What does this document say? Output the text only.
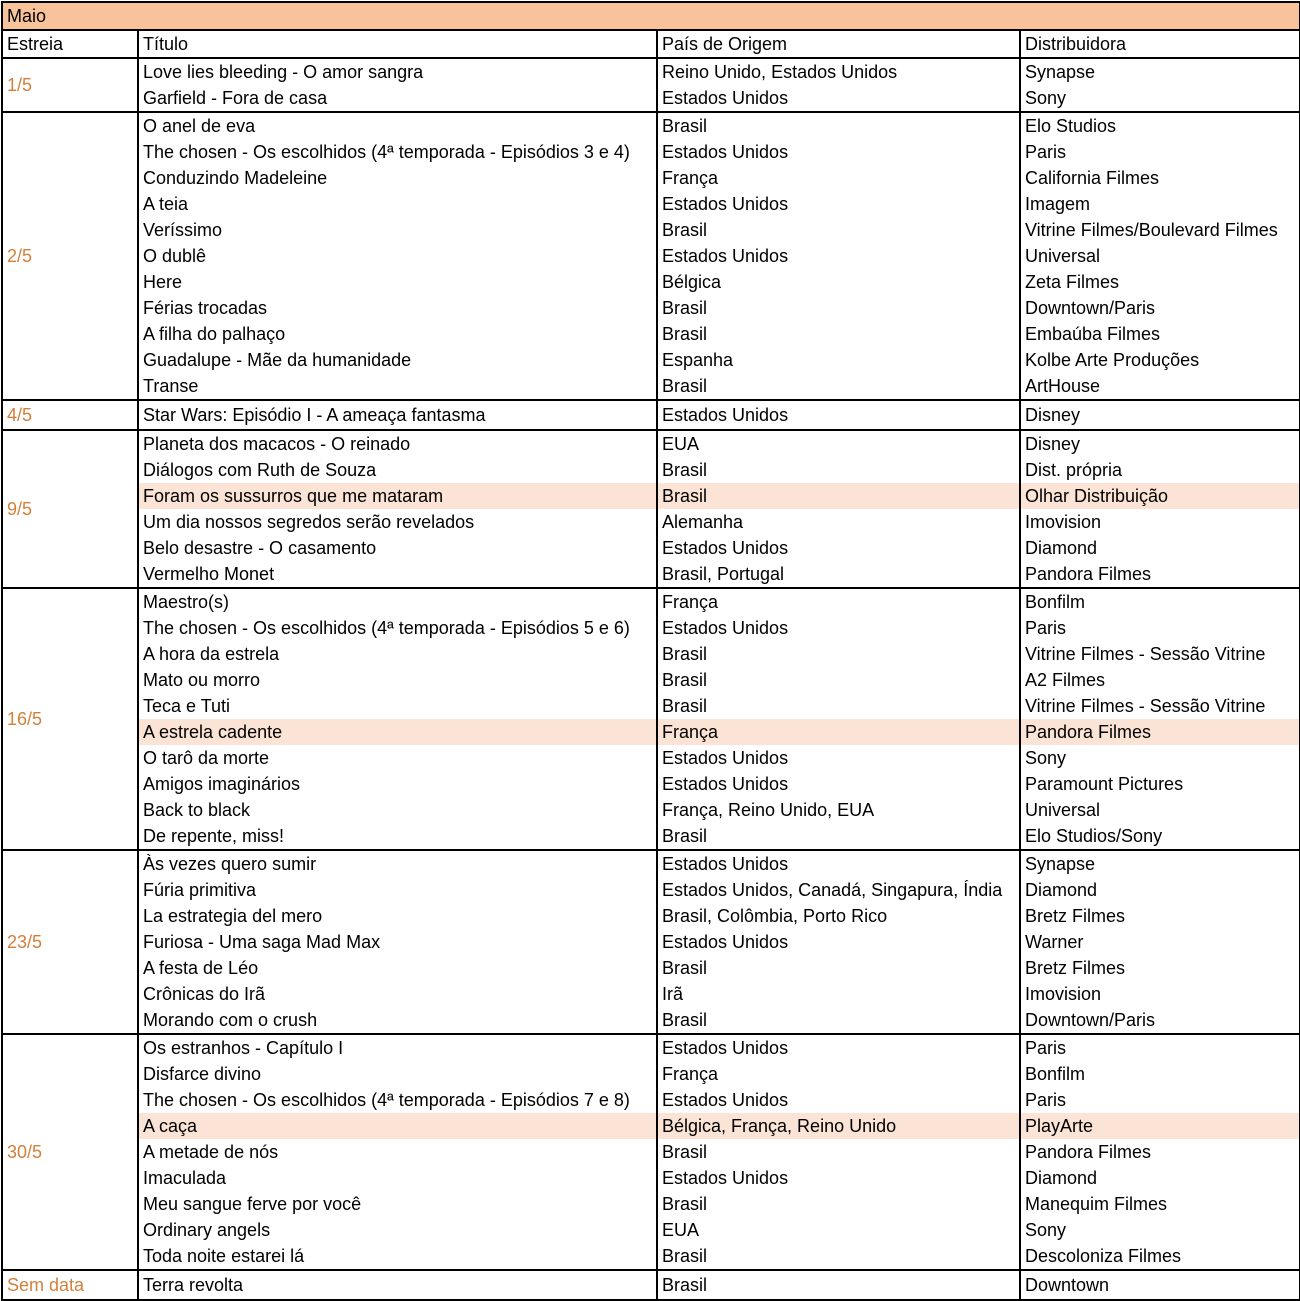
Maio			
Estreia	Título	País de Origem	Distribuidora
1/5	Love lies bleeding - O amor sangra	Reino Unido, Estados Unidos	Synapse
	Garfield - Fora de casa	Estados Unidos	Sony
2/5	O anel de eva	Brasil	Elo Studios
	The chosen - Os escolhidos (4ª temporada - Episódios 3 e 4)	Estados Unidos	Paris
	Conduzindo Madeleine	França	California Filmes
	A teia	Estados Unidos	Imagem
	Veríssimo	Brasil	Vitrine Filmes/Boulevard Filmes
	O dublê	Estados Unidos	Universal
	Here	Bélgica	Zeta Filmes
	Férias trocadas	Brasil	Downtown/Paris
	A filha do palhaço	Brasil	Embaúba Filmes
	Guadalupe - Mãe da humanidade	Espanha	Kolbe Arte Produções
	Transe	Brasil	ArtHouse
4/5	Star Wars: Episódio I - A ameaça fantasma	Estados Unidos	Disney
9/5	Planeta dos macacos - O reinado	EUA	Disney
	Diálogos com Ruth de Souza	Brasil	Dist. própria
	Foram os sussurros que me mataram	Brasil	Olhar Distribuição
	Um dia nossos segredos serão revelados	Alemanha	Imovision
	Belo desastre - O casamento	Estados Unidos	Diamond
	Vermelho Monet	Brasil, Portugal	Pandora Filmes
16/5	Maestro(s)	França	Bonfilm
	The chosen - Os escolhidos (4ª temporada - Episódios 5 e 6)	Estados Unidos	Paris
	A hora da estrela	Brasil	Vitrine Filmes - Sessão Vitrine
	Mato ou morro	Brasil	A2 Filmes
	Teca e Tuti	Brasil	Vitrine Filmes - Sessão Vitrine
	A estrela cadente	França	Pandora Filmes
	O tarô da morte	Estados Unidos	Sony
	Amigos imaginários	Estados Unidos	Paramount Pictures
	Back to black	França, Reino Unido, EUA	Universal
	De repente, miss!	Brasil	Elo Studios/Sony
23/5	Às vezes quero sumir	Estados Unidos	Synapse
	Fúria primitiva	Estados Unidos, Canadá, Singapura, Índia	Diamond
	La estrategia del mero	Brasil, Colômbia, Porto Rico	Bretz Filmes
	Furiosa - Uma saga Mad Max	Estados Unidos	Warner
	A festa de Léo	Brasil	Bretz Filmes
	Crônicas do Irã	Irã	Imovision
	Morando com o crush	Brasil	Downtown/Paris
30/5	Os estranhos - Capítulo I	Estados Unidos	Paris
	Disfarce divino	França	Bonfilm
	The chosen - Os escolhidos (4ª temporada - Episódios 7 e 8)	Estados Unidos	Paris
	A caça	Bélgica, França, Reino Unido	PlayArte
	A metade de nós	Brasil	Pandora Filmes
	Imaculada	Estados Unidos	Diamond
	Meu sangue ferve por você	Brasil	Manequim Filmes
	Ordinary angels	EUA	Sony
	Toda noite estarei lá	Brasil	Descoloniza Filmes
Sem data	Terra revolta	Brasil	Downtown
